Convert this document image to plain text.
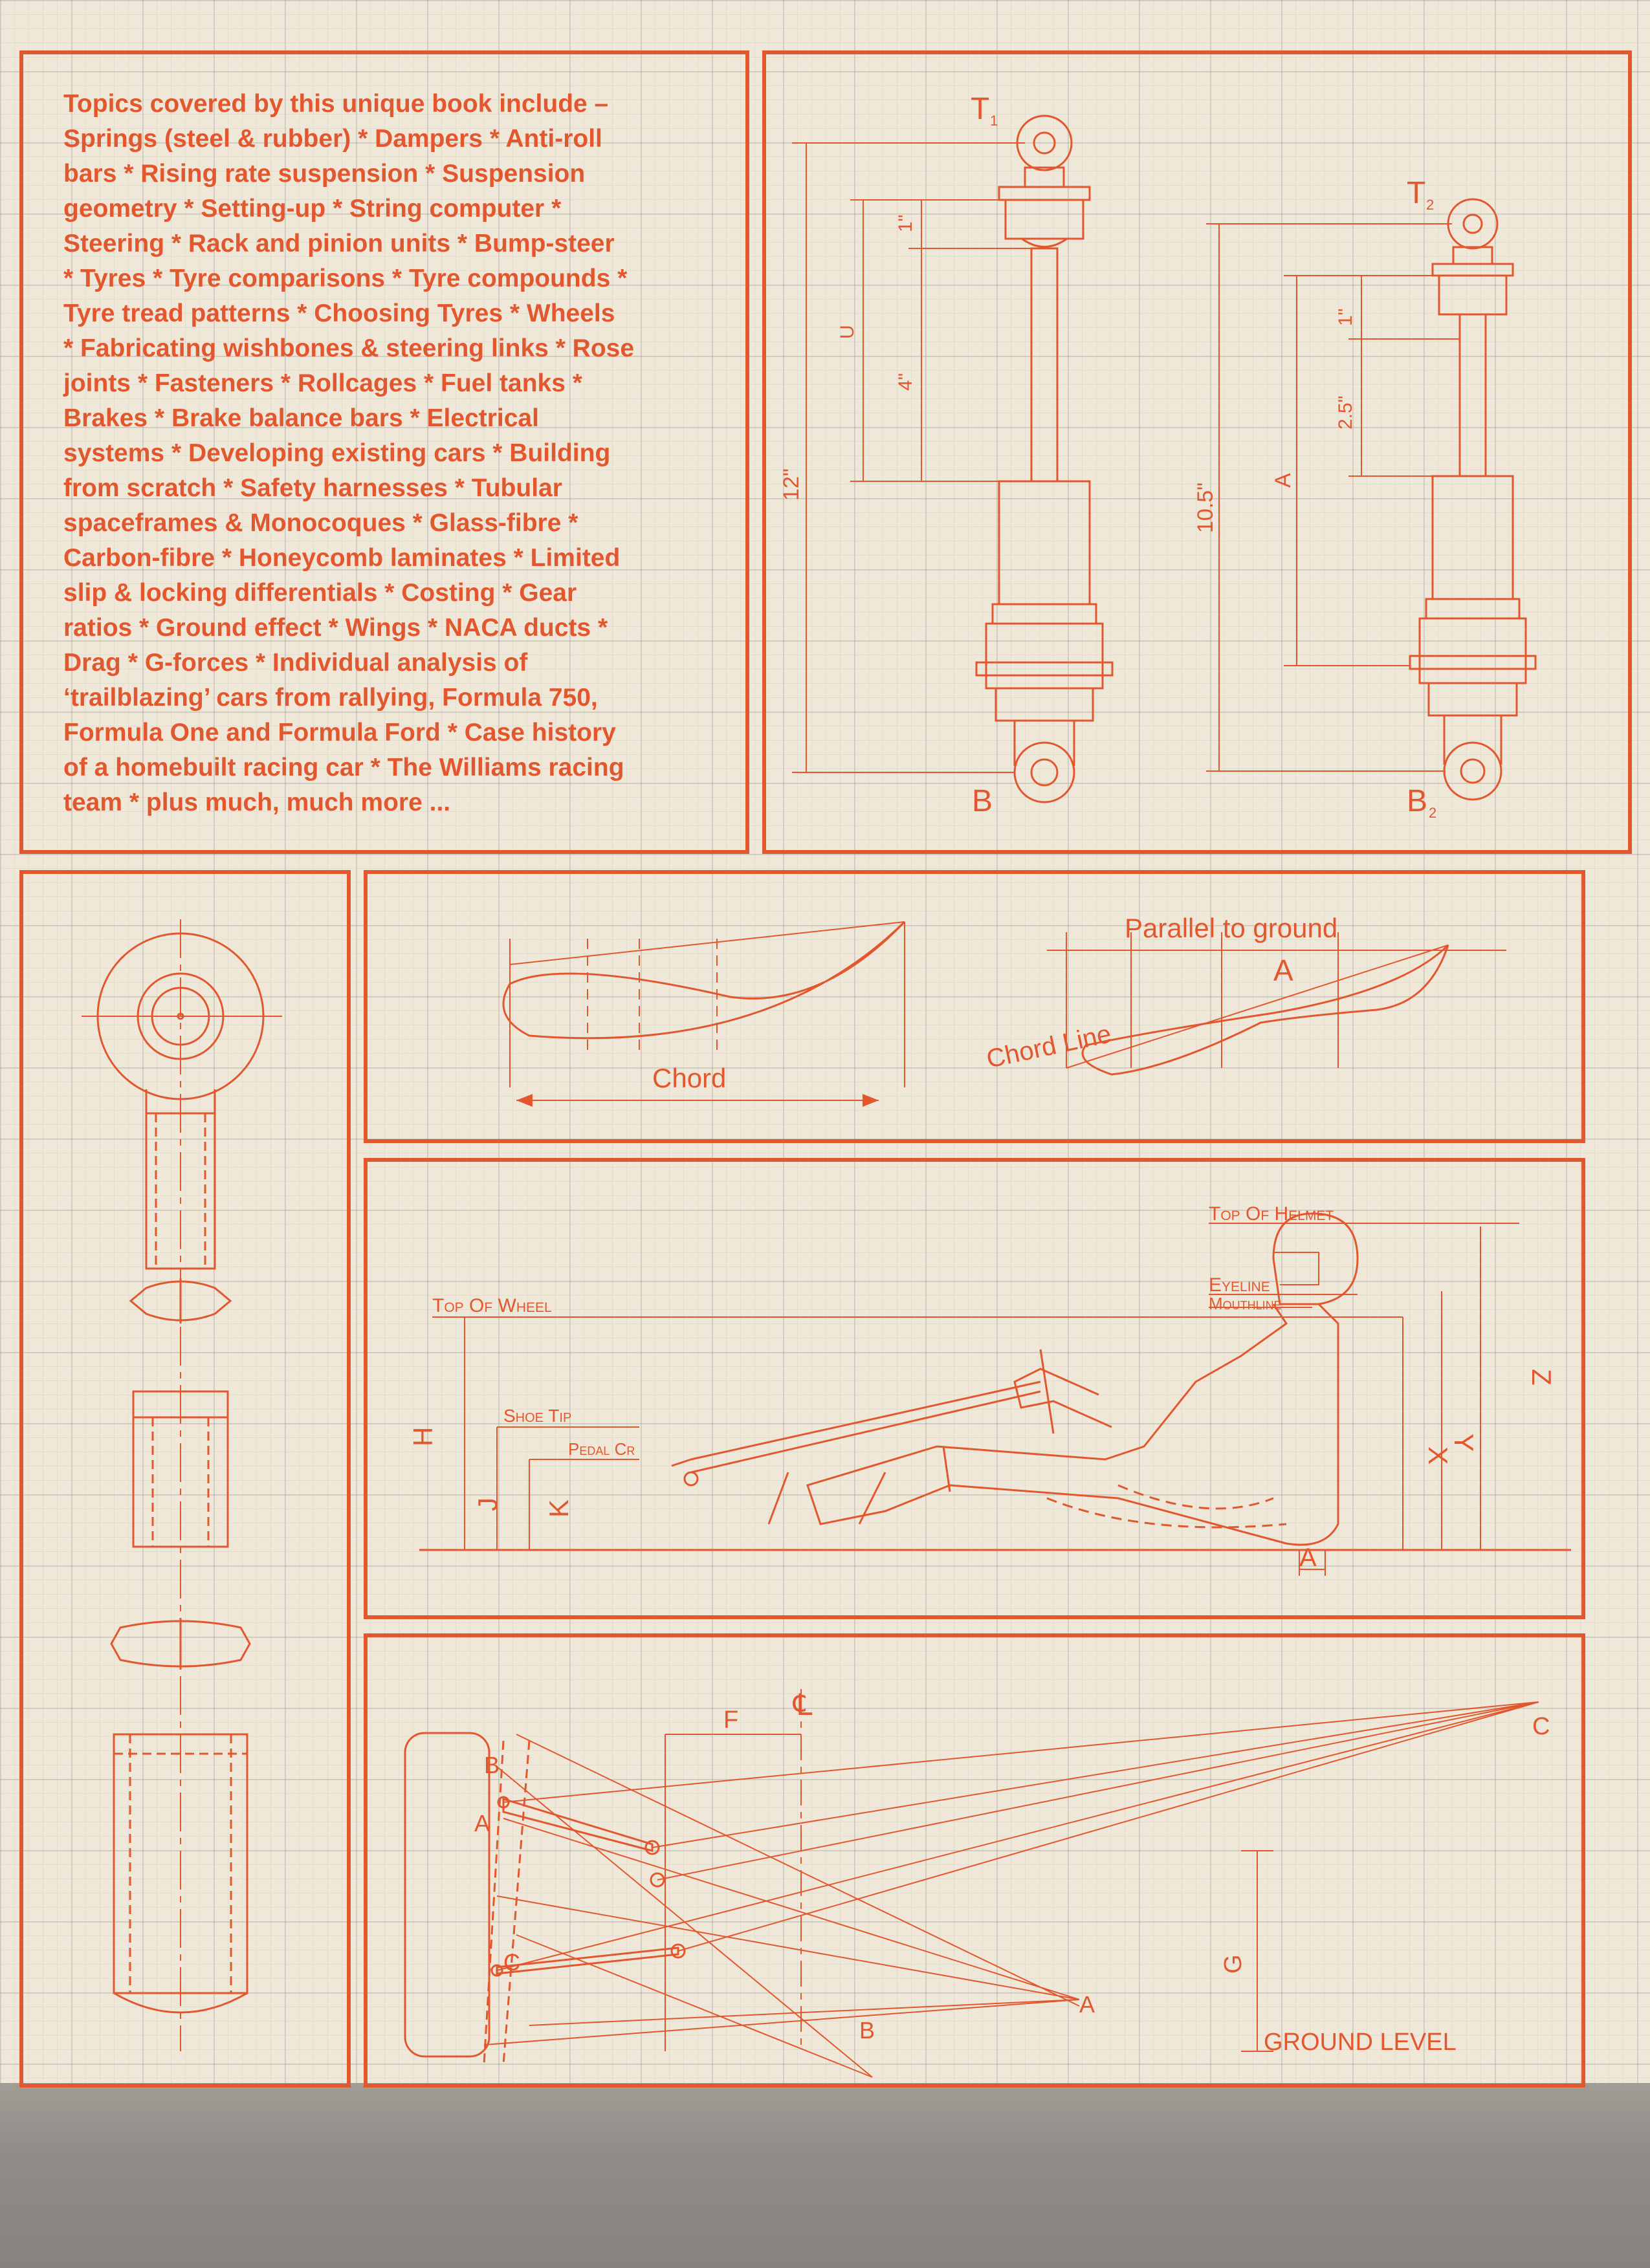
Topics covered by this unique book include –
Springs (steel & rubber) * Dampers * Anti-roll
bars * Rising rate suspension * Suspension
geometry * Setting-up * String computer *
Steering * Rack and pinion units * Bump-steer
* Tyres * Tyre comparisons * Tyre compounds *
Tyre tread patterns * Choosing Tyres * Wheels
* Fabricating wishbones & steering links * Rose
joints * Fasteners * Rollcages * Fuel tanks *
Brakes * Brake balance bars * Electrical
systems * Developing existing cars * Building
from scratch * Safety harnesses * Tubular
spaceframes & Monocoques * Glass-fibre *
Carbon-fibre * Honeycomb laminates * Limited
slip & locking differentials * Costing * Gear
ratios * Ground effect * Wings * NACA ducts *
Drag * G-forces * Individual analysis of
‘trailblazing’ cars from rallying, Formula 750,
Formula One and Formula Ford * Case history
of a homebuilt racing car * The Williams racing
team * plus much, much more ...
T 1
T 2
B	B 2
12"
4"
1"
U
10.5"
A
2.5"
1"
Chord
Parallel to ground
A
Chord Line
Top Of Helmet
Eyeline
Mouthline
Top Of Wheel
Shoe Tip
Pedal Cr
H
J K
X
Y
Z
A
℄
F
G
C
B
A
C
A
B	GROUND LEVEL
